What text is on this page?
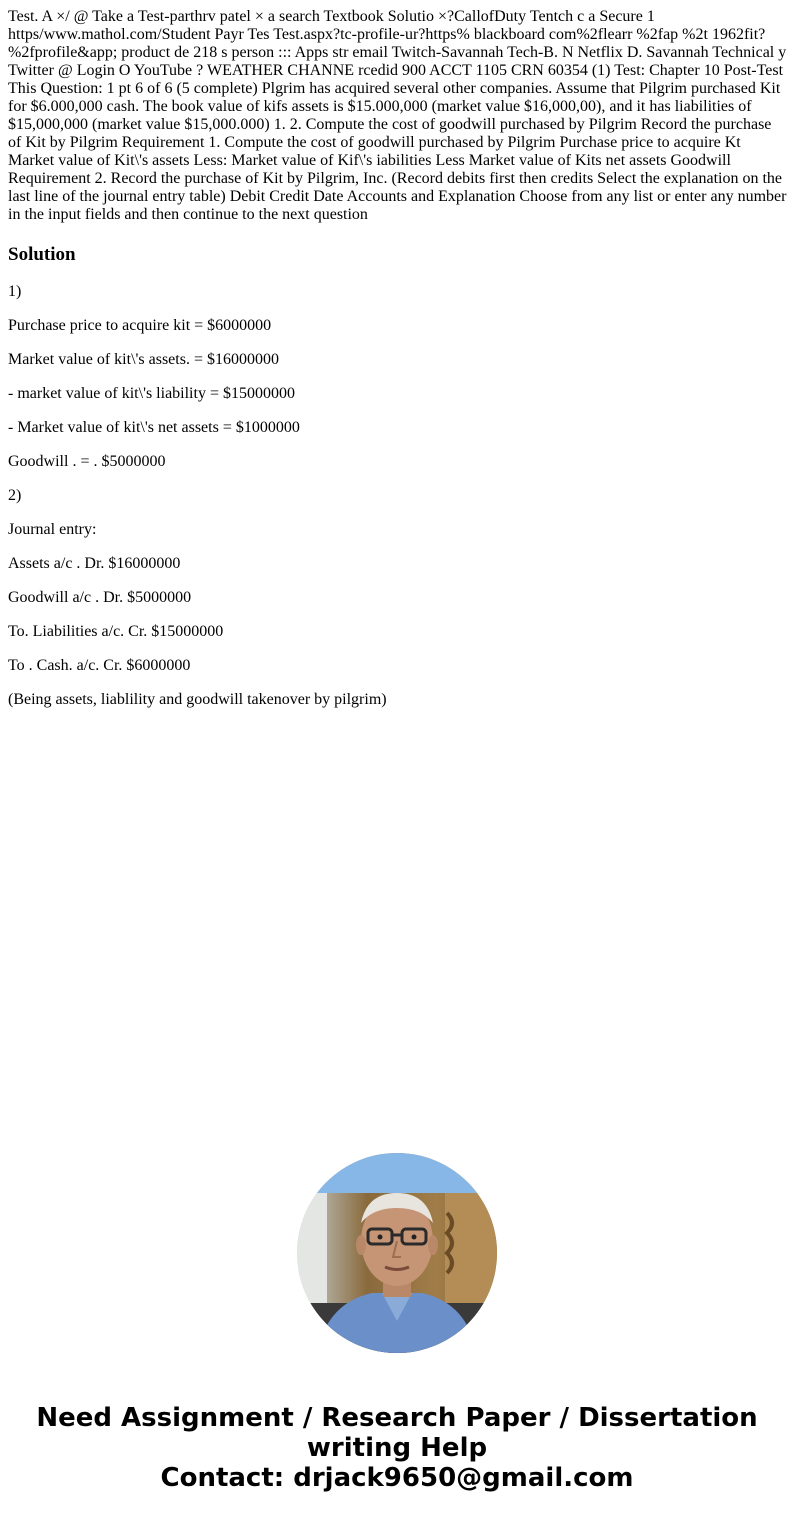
Test. A ×/ @ Take a Test-parthrv patel × a search Textbook Solutio ×?CallofDuty Tentch c a Secure 1 https/www.mathol.com/Student Payr Tes Test.aspx?tc-profile-ur?https% blackboard com%2flearr %2fap %2t 1962fit?%2fprofile&app; product de 218 s person ::: Apps str email Twitch-Savannah Tech-B. N Netflix D. Savannah Technical y Twitter @ Login O YouTube ? WEATHER CHANNE rcedid 900 ACCT 1105 CRN 60354 (1) Test: Chapter 10 Post-Test This Question: 1 pt 6 of 6 (5 complete) Plgrim has acquired several other companies. Assume that Pilgrim purchased Kit for $6.000,000 cash. The book value of kifs assets is $15.000,000 (market value $16,000,00), and it has liabilities of $15,000,000 (market value $15,000.000) 1. 2. Compute the cost of goodwill purchased by Pilgrim Record the purchase of Kit by Pilgrim Requirement 1. Compute the cost of goodwill purchased by Pilgrim Purchase price to acquire Kt Market value of Kit\'s assets Less: Market value of Kif\'s iabilities Less Market value of Kits net assets Goodwill Requirement 2. Record the purchase of Kit by Pilgrim, Inc. (Record debits first then credits Select the explanation on the last line of the journal entry table) Debit Credit Date Accounts and Explanation Choose from any list or enter any number in the input fields and then continue to the next question
Solution

1)

Purchase price to acquire kit = $6000000

Market value of kit\'s assets. = $16000000

- market value of kit\'s liability = $15000000

- Market value of kit\'s net assets = $1000000

Goodwill . = . $5000000

2)

Journal entry:

Assets a/c . Dr. $16000000

Goodwill a/c . Dr. $5000000

To. Liabilities a/c. Cr. $15000000

To . Cash. a/c. Cr. $6000000

(Being assets, liablility and goodwill takenover by pilgrim)

Need Assignment / Research Paper / Dissertation
writing Help
Contact: drjack9650@gmail.com
